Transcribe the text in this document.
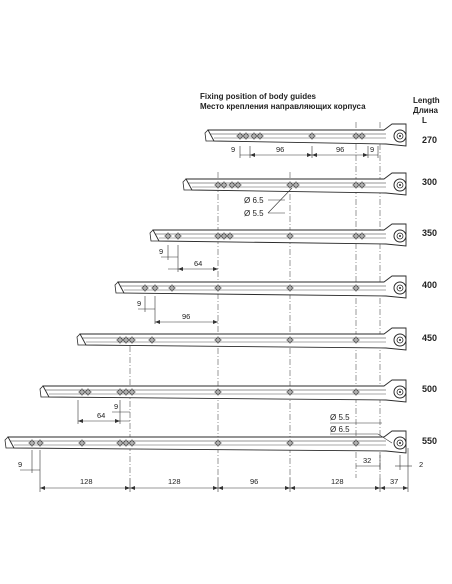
Fixing position of body guides
Место крепления направляющих корпуса
Length
Длина
L
270
300
350
400
450
500
550
9	96	96	9
Ø 6.5
Ø 5.5
9
64
9
96
64
9
Ø 5.5
Ø 6.5
32	2
9
128	128	96	128	37
